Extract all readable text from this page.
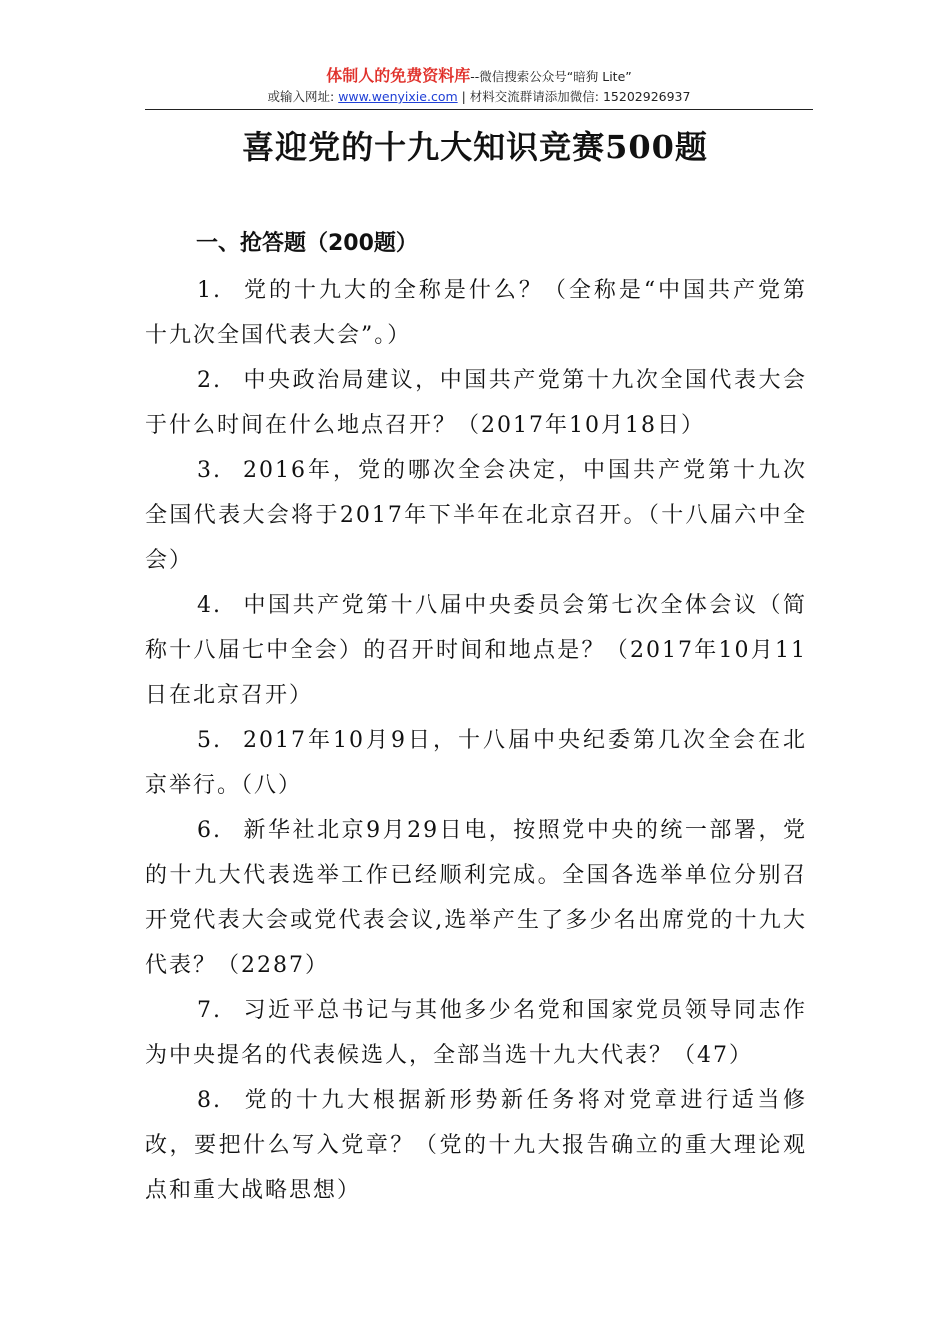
体制人的免费资料库--微信搜索公众号“暗狗 Lite”
或输入网址: www.wenyixie.com | 材料交流群请添加微信: 15202926937
喜迎党的十九大知识竞赛500题
一、抢答题（200题）

1. 党的十九大的全称是什么？（全称是“中国共产党第十九次全国代表大会”。）

2. 中央政治局建议，中国共产党第十九次全国代表大会于什么时间在什么地点召开？（2017年10月18日）

3. 2016年，党的哪次全会决定，中国共产党第十九次全国代表大会将于2017年下半年在北京召开。（十八届六中全会）

4. 中国共产党第十八届中央委员会第七次全体会议（简称十八届七中全会）的召开时间和地点是？（2017年10月11日在北京召开）

5. 2017年10月9日，十八届中央纪委第几次全会在北京举行。（八）

6. 新华社北京9月29日电，按照党中央的统一部署，党的十九大代表选举工作已经顺利完成。全国各选举单位分别召开党代表大会或党代表会议,选举产生了多少名出席党的十九大代表？（2287）

7. 习近平总书记与其他多少名党和国家党员领导同志作为中央提名的代表候选人，全部当选十九大代表？（47）

8. 党的十九大根据新形势新任务将对党章进行适当修改，要把什么写入党章？（党的十九大报告确立的重大理论观点和重大战略思想）
